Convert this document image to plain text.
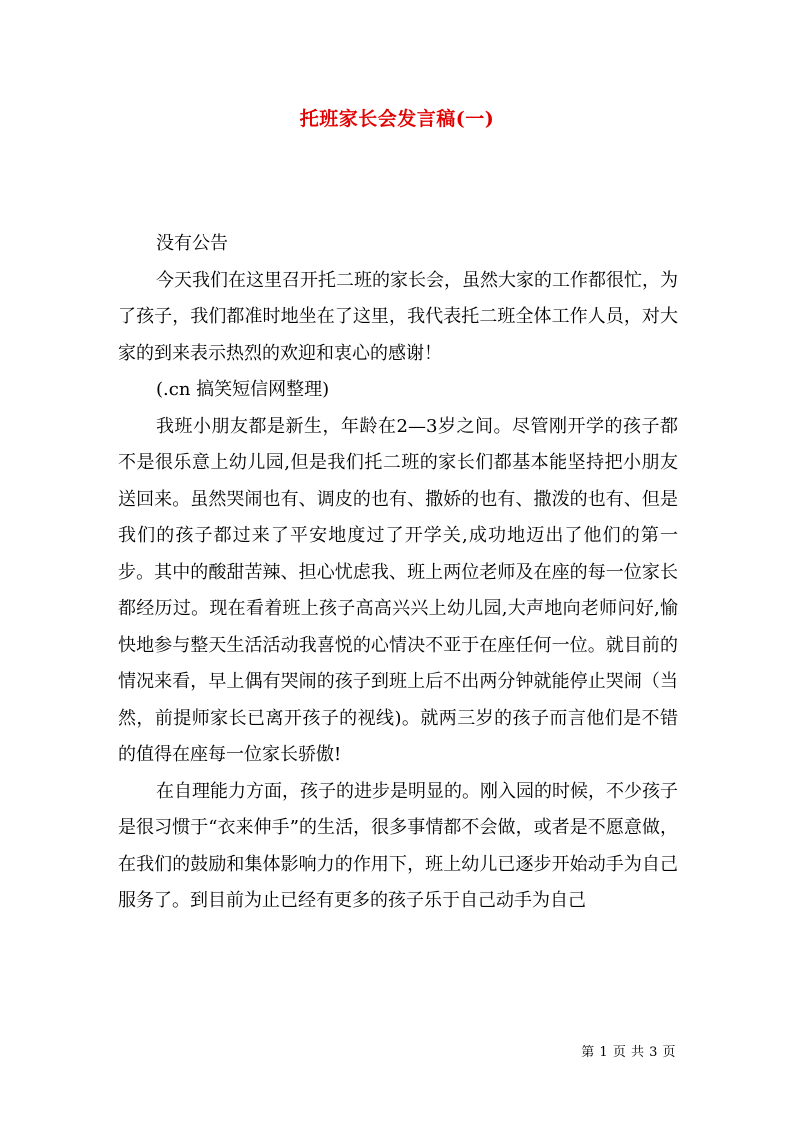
托班家长会发言稿(一)

没有公告

今天我们在这里召开托二班的家长会，虽然大家的工作都很忙，为了孩子，我们都准时地坐在了这里，我代表托二班全体工作人员，对大家的到来表示热烈的欢迎和衷心的感谢！

(.cn 搞笑短信网整理)

我班小朋友都是新生，年龄在2—3岁之间。尽管刚开学的孩子都不是很乐意上幼儿园,但是我们托二班的家长们都基本能坚持把小朋友送回来。虽然哭闹也有、调皮的也有、撒娇的也有、撒泼的也有、但是我们的孩子都过来了平安地度过了开学关,成功地迈出了他们的第一步。其中的酸甜苦辣、担心忧虑我、班上两位老师及在座的每一位家长都经历过。现在看着班上孩子高高兴兴上幼儿园,大声地向老师问好,愉快地参与整天生活活动我喜悦的心情决不亚于在座任何一位。就目前的情况来看，早上偶有哭闹的孩子到班上后不出两分钟就能停止哭闹（当然，前提师家长已离开孩子的视线)。就两三岁的孩子而言他们是不错的值得在座每一位家长骄傲!

在自理能力方面，孩子的进步是明显的。刚入园的时候，不少孩子是很习惯于“衣来伸手”的生活，很多事情都不会做，或者是不愿意做，在我们的鼓励和集体影响力的作用下，班上幼儿已逐步开始动手为自己服务了。到目前为止已经有更多的孩子乐于自己动手为自己

第 1 页 共 3 页
